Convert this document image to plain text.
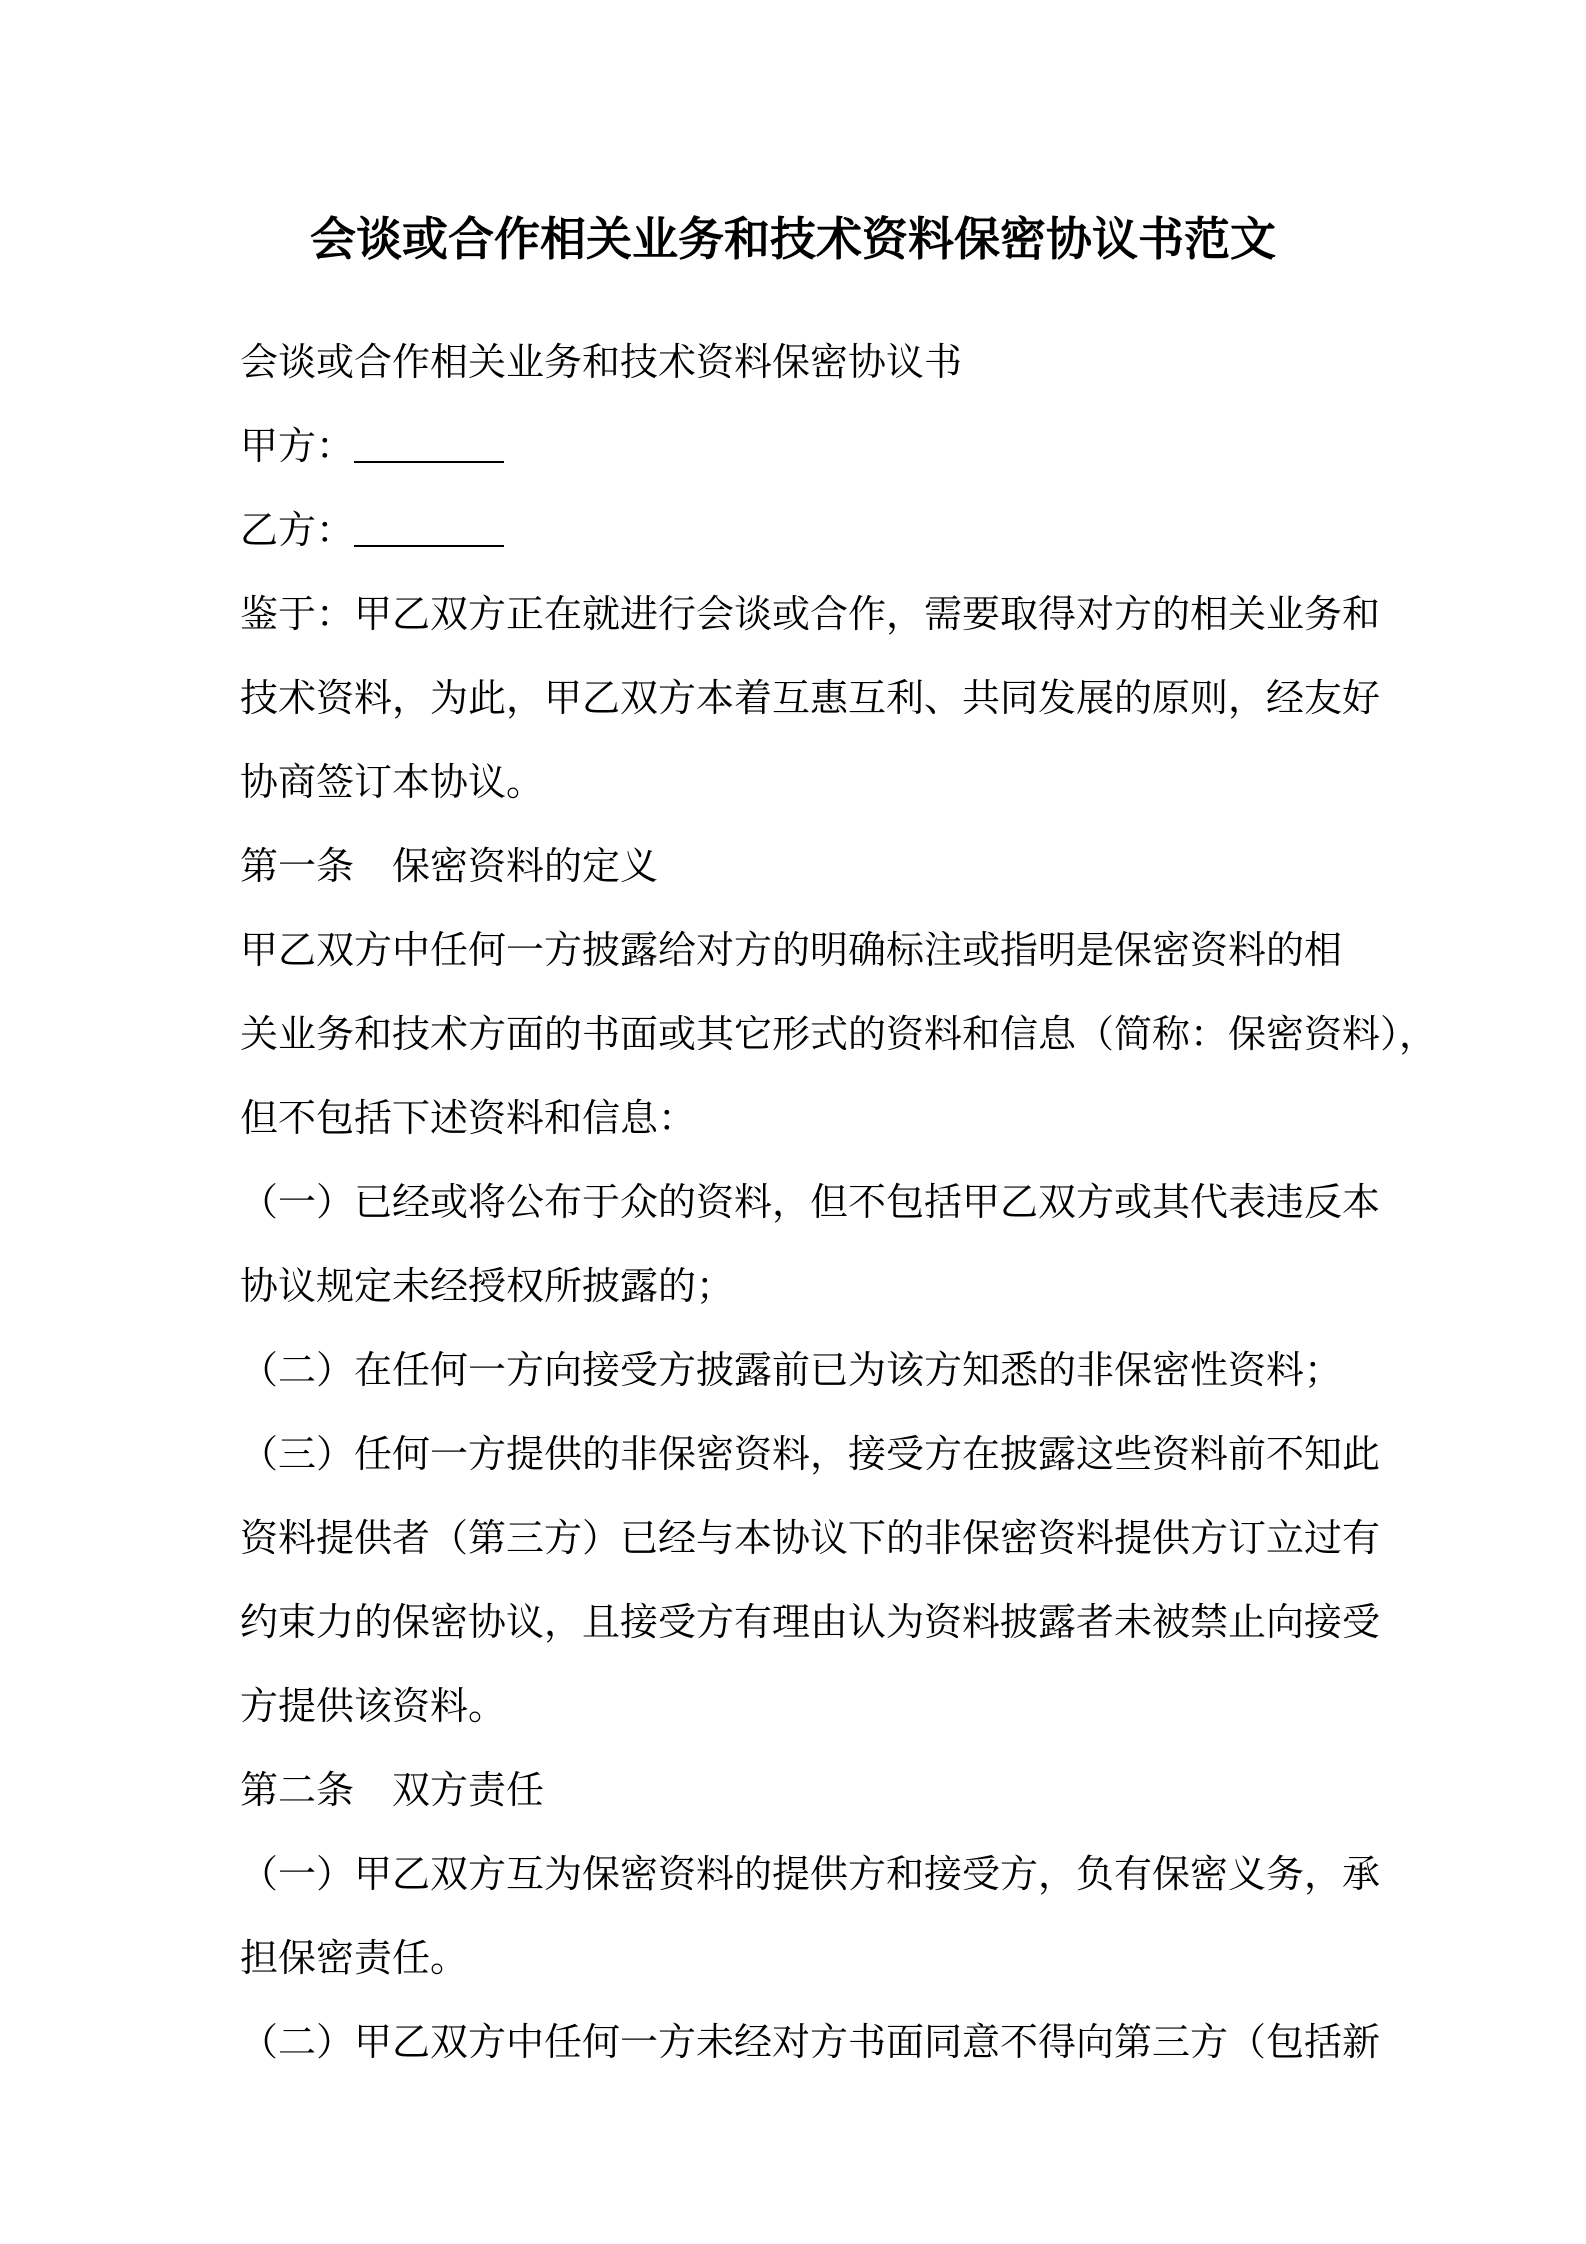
会谈或合作相关业务和技术资料保密协议书范文
会谈或合作相关业务和技术资料保密协议书
甲方：
乙方：
鉴于：甲乙双方正在就进行会谈或合作，需要取得对方的相关业务和
技术资料，为此，甲乙双方本着互惠互利、共同发展的原则，经友好
协商签订本协议。
第一条　保密资料的定义
甲乙双方中任何一方披露给对方的明确标注或指明是保密资料的相
关业务和技术方面的书面或其它形式的资料和信息（简称：保密资料），
但不包括下述资料和信息：
（一）已经或将公布于众的资料，但不包括甲乙双方或其代表违反本
协议规定未经授权所披露的；
（二）在任何一方向接受方披露前已为该方知悉的非保密性资料；
（三）任何一方提供的非保密资料，接受方在披露这些资料前不知此
资料提供者（第三方）已经与本协议下的非保密资料提供方订立过有
约束力的保密协议，且接受方有理由认为资料披露者未被禁止向接受
方提供该资料。
第二条　双方责任
（一）甲乙双方互为保密资料的提供方和接受方，负有保密义务，承
担保密责任。
（二）甲乙双方中任何一方未经对方书面同意不得向第三方（包括新
